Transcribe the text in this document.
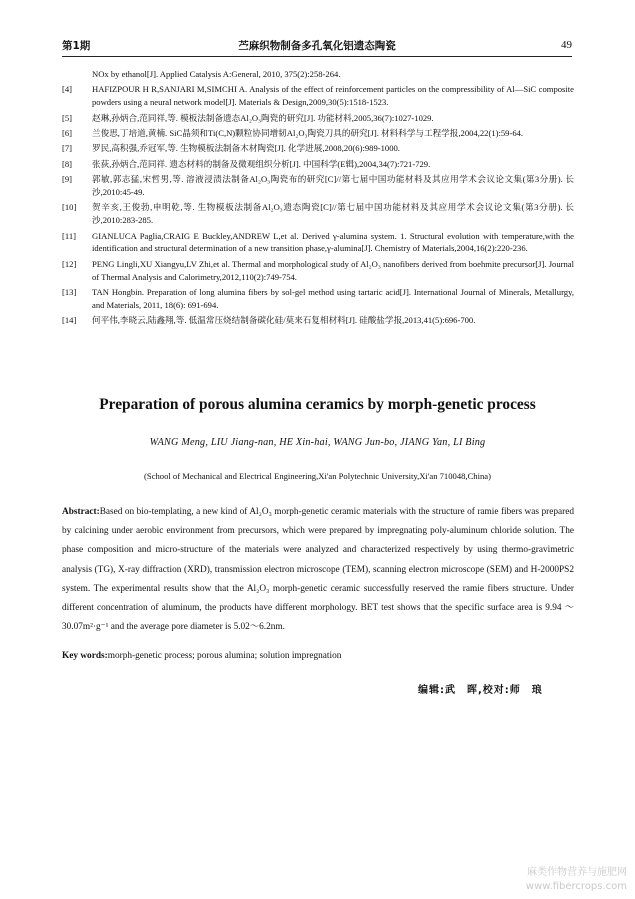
第1期	苎麻织物制备多孔氧化铝遗态陶瓷	49
NOx by ethanol[J]. Applied Catalysis A:General, 2010, 375(2):258-264.
[4]	HAFIZPOUR H R,SANJARI M,SIMCHI A. Analysis of the effect of reinforcement particles on the compressibility of Al—SiC composite powders using a neural network model[J]. Materials & Design,2009,30(5):1518-1523.
[5]	赵琳,孙炳合,范同祥,等. 模板法制备遗态Al₂O₃陶瓷的研究[J]. 功能材料,2005,36(7):1027-1029.
[6]	兰俊思,丁培道,黄楠. SiC晶须和Ti(C,N)颗粒协同增韧Al₂O₃陶瓷刀具的研究[J]. 材料科学与工程学报,2004,22(1):59-64.
[7]	罗民,高积强,乔冠军,等. 生物模板法制备木材陶瓷[J]. 化学进展,2008,20(6):989-1000.
[8]	张荻,孙炳合,范同祥. 遗态材料的制备及微观组织分析[J]. 中国科学(E辑),2004,34(7):721-729.
[9]	郭敏,郭志猛,宋哲男,等. 溶液浸渍法制备Al₂O₃陶瓷布的研究[C]//第七届中国功能材料及其应用学术会议论文集(第3分册). 长沙,2010:45-49.
[10]	贺辛亥,王俊勃,申明乾,等. 生物模板法制备Al₂O₃遗态陶瓷[C]//第七届中国功能材料及其应用学术会议论文集(第3分册). 长沙,2010:283-285.
[11]	GIANLUCA Paglia,CRAIG E Buckley,ANDREW L,et al. Derived γ-alumina system. 1. Structural evolution with temperature,with the identification and structural determination of a new transition phase,γ-alumina[J]. Chemistry of Materials,2004,16(2):220-236.
[12]	PENG Lingli,XU Xiangyu,LV Zhi,et al. Thermal and morphological study of Al₂O₃ nanofibers derived from boehmite precursor[J]. Journal of Thermal Analysis and Calorimetry,2012,110(2):749-754.
[13]	TAN Hongbin. Preparation of long alumina fibers by sol-gel method using tartaric acid[J]. International Journal of Minerals, Metallurgy, and Materials, 2011, 18(6): 691-694.
[14]	何平伟,李晓云,陆鑫翔,等. 低温常压烧结制备碳化硅/莫来石复相材料[J]. 硅酸盐学报,2013,41(5):696-700.
Preparation of porous alumina ceramics by morph-genetic process
WANG Meng, LIU Jiang-nan, HE Xin-hai, WANG Jun-bo, JIANG Yan, LI Bing
(School of Mechanical and Electrical Engineering,Xi'an Polytechnic University,Xi'an 710048,China)
Abstract:Based on bio-templating, a new kind of Al₂O₃ morph-genetic ceramic materials with the structure of ramie fibers was prepared by calcining under aerobic environment from precursors, which were prepared by impregnating poly-aluminum chloride solution. The phase composition and micro-structure of the materials were analyzed and characterized respectively by using thermo-gravimetric analysis (TG), X-ray diffraction (XRD), transmission electron microscope (TEM), scanning electron microscope (SEM) and H-2000PS2 system. The experimental results show that the Al₂O₃ morph-genetic ceramic successfully reserved the ramie fibers structure. Under different concentration of aluminum, the products have different morphology. BET test shows that the specific surface area is 9.94 ～ 30.07m²·g⁻¹ and the average pore diameter is 5.02～6.2nm.
Key words:morph-genetic process; porous alumina; solution impregnation
编辑:武　晖,校对:师　琅
麻类作物营养与施肥网
www.fibercrops.com
